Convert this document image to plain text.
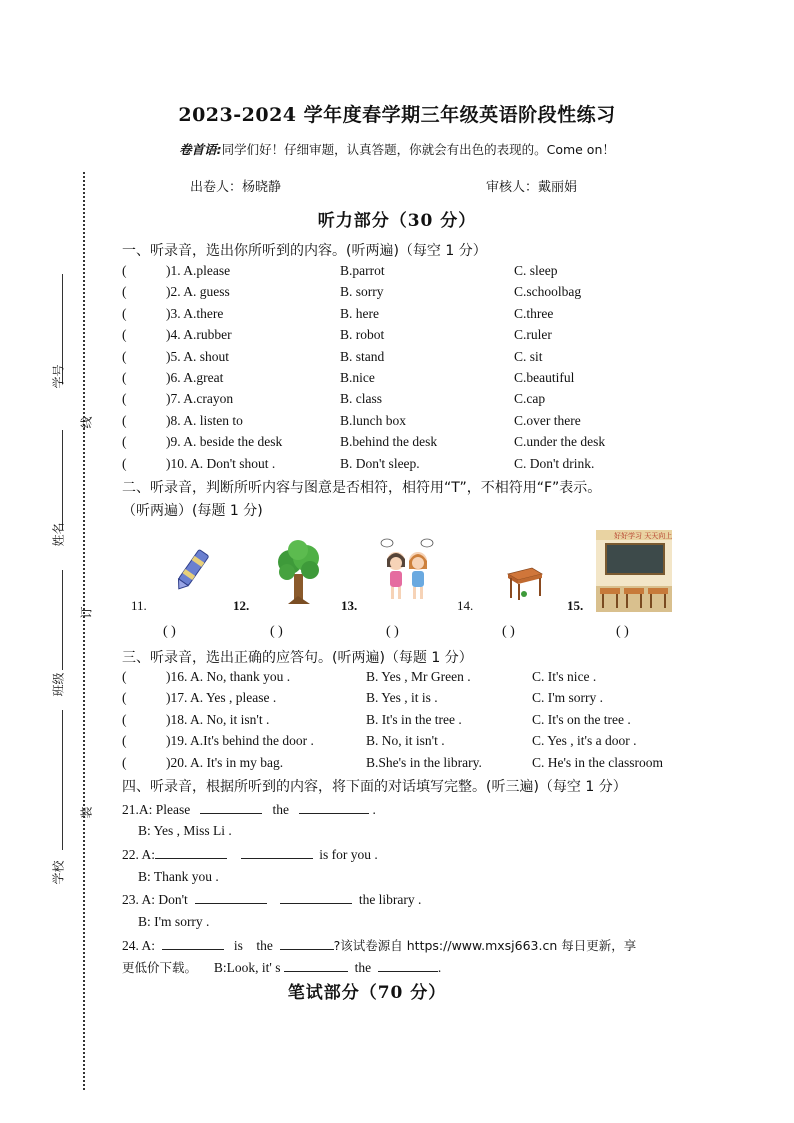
2023-2024 学年度春学期三年级英语阶段性练习
卷首语:同学们好！仔细审题，认真答题，你就会有出色的表现的。Come on！
出卷人：杨晓静	审核人：戴丽娟
学号
线
姓名
订
班级
装
学校
听力部分（30 分）
一、听录音，选出你所听到的内容。(听两遍)（每空 1 分）
(	)1. A.please	B.parrot	C. sleep
(	)2. A. guess	B. sorry	C.schoolbag
(	)3. A.there	B. here	C.three
(	)4. A.rubber	B. robot	C.ruler
(	)5. A. shout	B. stand	C. sit
(	)6. A.great	B.nice	C.beautiful
(	)7. A.crayon	B. class	C.cap
(	)8. A. listen to	B.lunch box	C.over there
(	)9. A. beside the desk	B.behind the desk	C.under the desk
(	)10. A. Don't shout .	B. Don't sleep.	C. Don't drink.
二、听录音，判断所听内容与图意是否相符，相符用“T”，不相符用“F”表示。
（听两遍）(每题 1 分)
11.	12.	13.	14.	15.
好好学习 天天向上
( )	( )	( )	( )	( )
三、听录音，选出正确的应答句。(听两遍)（每题 1 分）
(	)16. A. No, thank you .	B. Yes , Mr Green .	C. It's nice .
(	)17. A. Yes , please .	B. Yes , it is .	C. I'm sorry .
(	)18. A. No, it isn't .	B. It's in the tree .	C. It's on the tree .
(	)19. A.It's behind the door .	B. No, it isn't .	C. Yes , it's a door .
(	)20. A. It's in my bag.	B.She's in the library.	C. He's in the classroom
四、听录音，根据所听到的内容，将下面的对话填写完整。(听三遍)（每空 1 分）
21.A: Please	the	.
B: Yes , Miss Li .
22. A:	is for you .
B: Thank you .
23. A: Don't	the library .
B: I'm sorry .
24. A:	is the	?该试卷源自 https://www.mxsj663.cn 每日更新，享
更低价下载。 B:Look, it' s	the	.
笔试部分（70 分）
